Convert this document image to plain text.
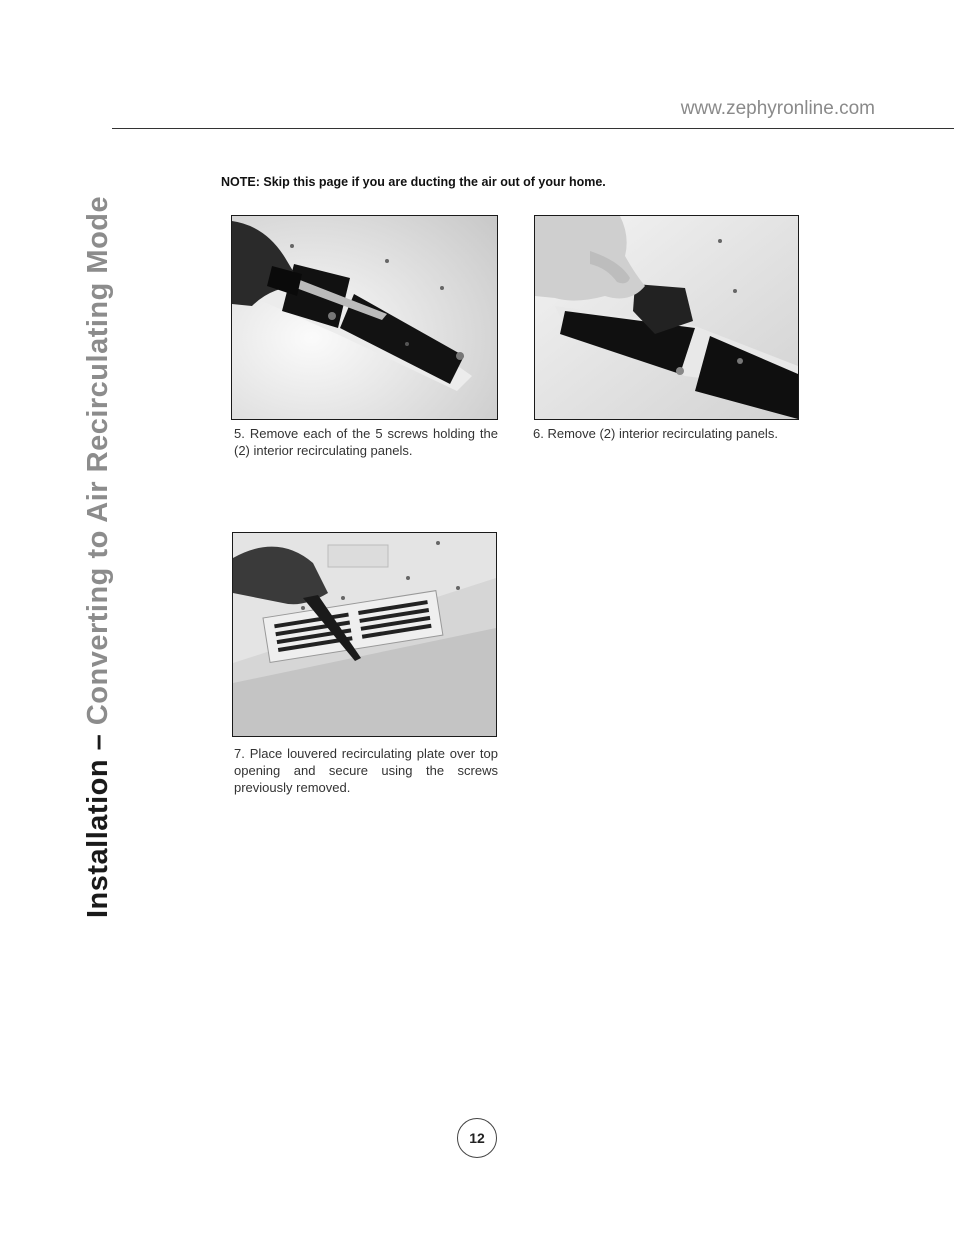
www.zephyronline.com
Installation – Converting to Air Recirculating Mode
NOTE: Skip this page if you are ducting the air out of your home.
5. Remove each of the 5 screws holding the (2) interior recirculating panels.
6. Remove (2) interior recirculating panels.
7. Place louvered recirculating plate over top opening and secure using the screws previously removed.
12
